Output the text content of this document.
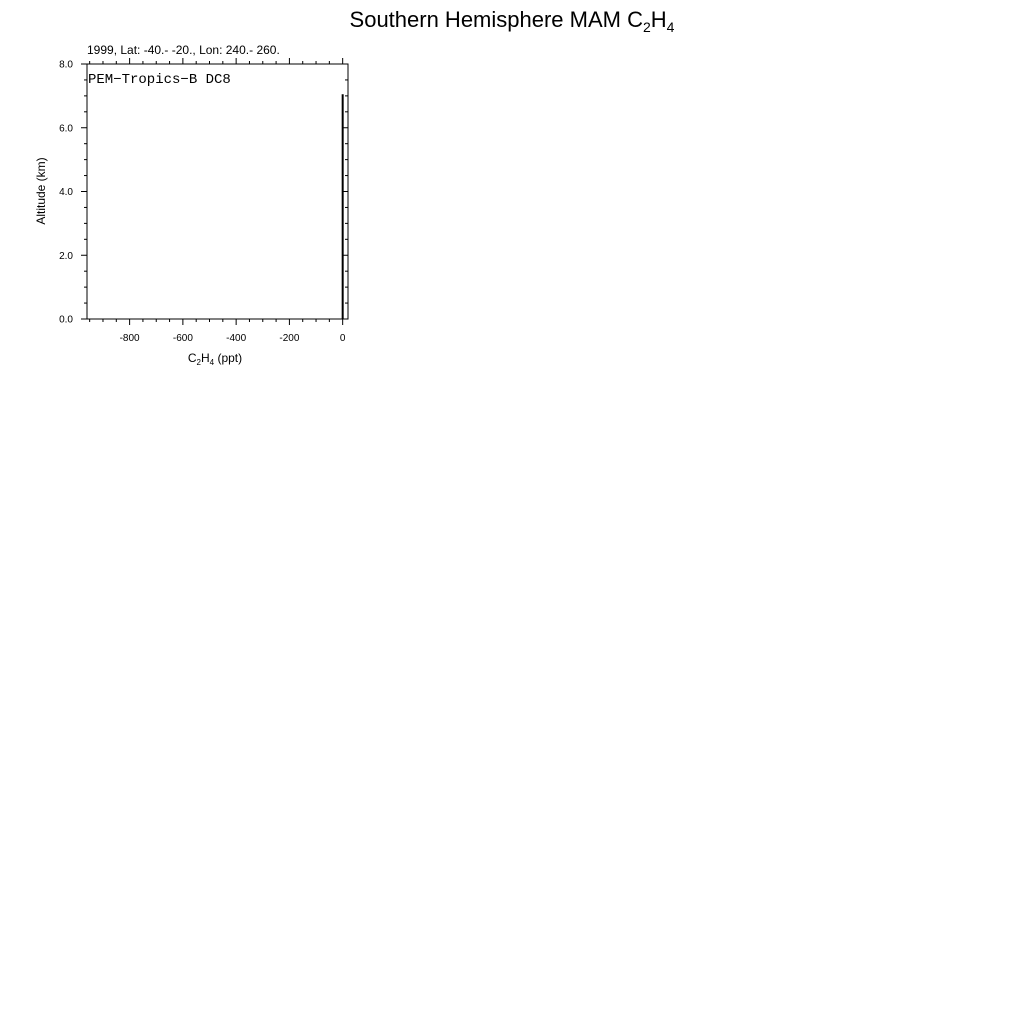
Southern Hemisphere MAM $C_2H_4$
1999, Lat: -40.- -20., Lon: 240.- 260.
PEM−Tropics−B DC8
-800	-600	-400	-200	0
0.0
2.0
4.0
6.0
8.0
$C_2H_4$ (ppt)
Altitude (km)
